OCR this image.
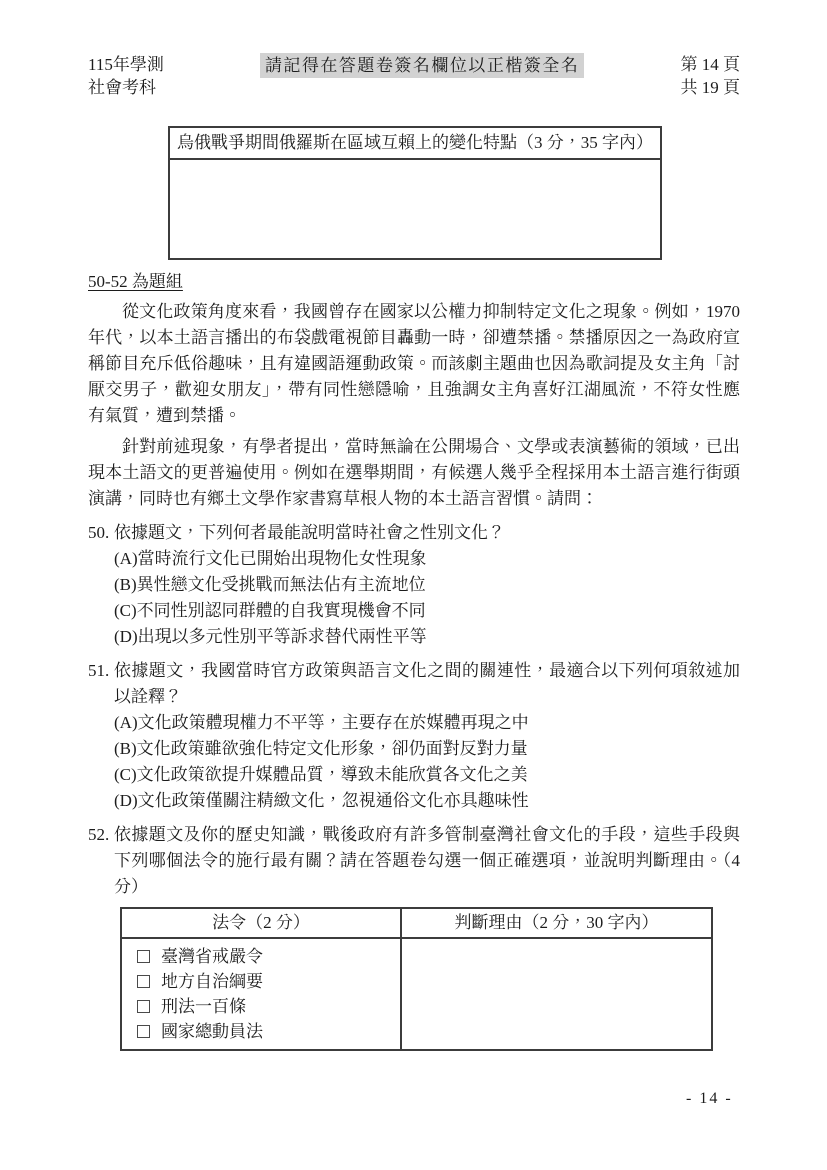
115年學測
社會考科
請記得在答題卷簽名欄位以正楷簽全名	第 14 頁
共 19 頁
烏俄戰爭期間俄羅斯在區域互賴上的變化特點（3 分，35 字內）
50-52 為題組

從文化政策角度來看，我國曾存在國家以公權力抑制特定文化之現象。例如，1970 年代，以本土語言播出的布袋戲電視節目轟動一時，卻遭禁播。禁播原因之一為政府宣稱節目充斥低俗趣味，且有違國語運動政策。而該劇主題曲也因為歌詞提及女主角「討厭交男子，歡迎女朋友」，帶有同性戀隱喻，且強調女主角喜好江湖風流，不符女性應有氣質，遭到禁播。

針對前述現象，有學者提出，當時無論在公開場合、文學或表演藝術的領域，已出現本土語文的更普遍使用。例如在選舉期間，有候選人幾乎全程採用本土語言進行街頭演講，同時也有鄉土文學作家書寫草根人物的本土語言習慣。請問：

50. 依據題文，下列何者最能說明當時社會之性別文化？
(A)當時流行文化已開始出現物化女性現象
(B)異性戀文化受挑戰而無法佔有主流地位
(C)不同性別認同群體的自我實現機會不同
(D)出現以多元性別平等訴求替代兩性平等
51. 依據題文，我國當時官方政策與語言文化之間的關連性，最適合以下列何項敘述加以詮釋？
(A)文化政策體現權力不平等，主要存在於媒體再現之中
(B)文化政策雖欲強化特定文化形象，卻仍面對反對力量
(C)文化政策欲提升媒體品質，導致未能欣賞各文化之美
(D)文化政策僅關注精緻文化，忽視通俗文化亦具趣味性
52. 依據題文及你的歷史知識，戰後政府有許多管制臺灣社會文化的手段，這些手段與下列哪個法令的施行最有關？請在答題卷勾選一個正確選項，並說明判斷理由。（4 分）
法令（2 分）	判斷理由（2 分，30 字內）

臺灣省戒嚴令
地方自治綱要
刑法一百條
國家總動員法	

- 14 -
